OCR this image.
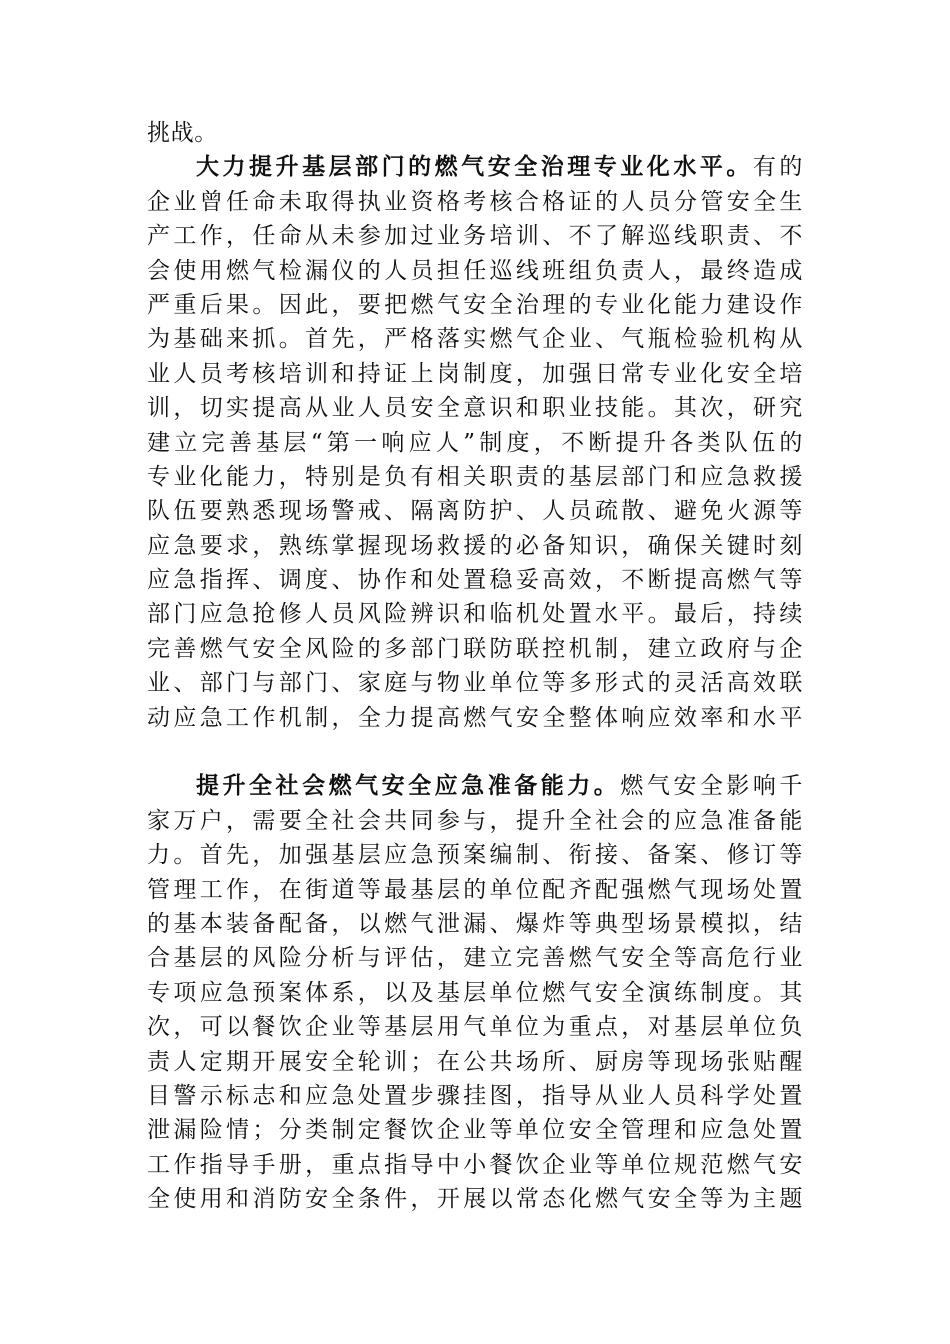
挑战。
大力提升基层部门的燃气安全治理专业化水平。有的
企业曾任命未取得执业资格考核合格证的人员分管安全生
产工作，任命从未参加过业务培训、不了解巡线职责、不
会使用燃气检漏仪的人员担任巡线班组负责人，最终造成
严重后果。因此，要把燃气安全治理的专业化能力建设作
为基础来抓。首先，严格落实燃气企业、气瓶检验机构从
业人员考核培训和持证上岗制度，加强日常专业化安全培
训，切实提高从业人员安全意识和职业技能。其次，研究
建立完善基层“第一响应人”制度，不断提升各类队伍的
专业化能力，特别是负有相关职责的基层部门和应急救援
队伍要熟悉现场警戒、隔离防护、人员疏散、避免火源等
应急要求，熟练掌握现场救援的必备知识，确保关键时刻
应急指挥、调度、协作和处置稳妥高效，不断提高燃气等
部门应急抢修人员风险辨识和临机处置水平。最后，持续
完善燃气安全风险的多部门联防联控机制，建立政府与企
业、部门与部门、家庭与物业单位等多形式的灵活高效联
动应急工作机制，全力提高燃气安全整体响应效率和水平
提升全社会燃气安全应急准备能力。燃气安全影响千
家万户，需要全社会共同参与，提升全社会的应急准备能
力。首先，加强基层应急预案编制、衔接、备案、修订等
管理工作，在街道等最基层的单位配齐配强燃气现场处置
的基本装备配备，以燃气泄漏、爆炸等典型场景模拟，结
合基层的风险分析与评估，建立完善燃气安全等高危行业
专项应急预案体系，以及基层单位燃气安全演练制度。其
次，可以餐饮企业等基层用气单位为重点，对基层单位负
责人定期开展安全轮训；在公共场所、厨房等现场张贴醒
目警示标志和应急处置步骤挂图，指导从业人员科学处置
泄漏险情；分类制定餐饮企业等单位安全管理和应急处置
工作指导手册，重点指导中小餐饮企业等单位规范燃气安
全使用和消防安全条件，开展以常态化燃气安全等为主题
